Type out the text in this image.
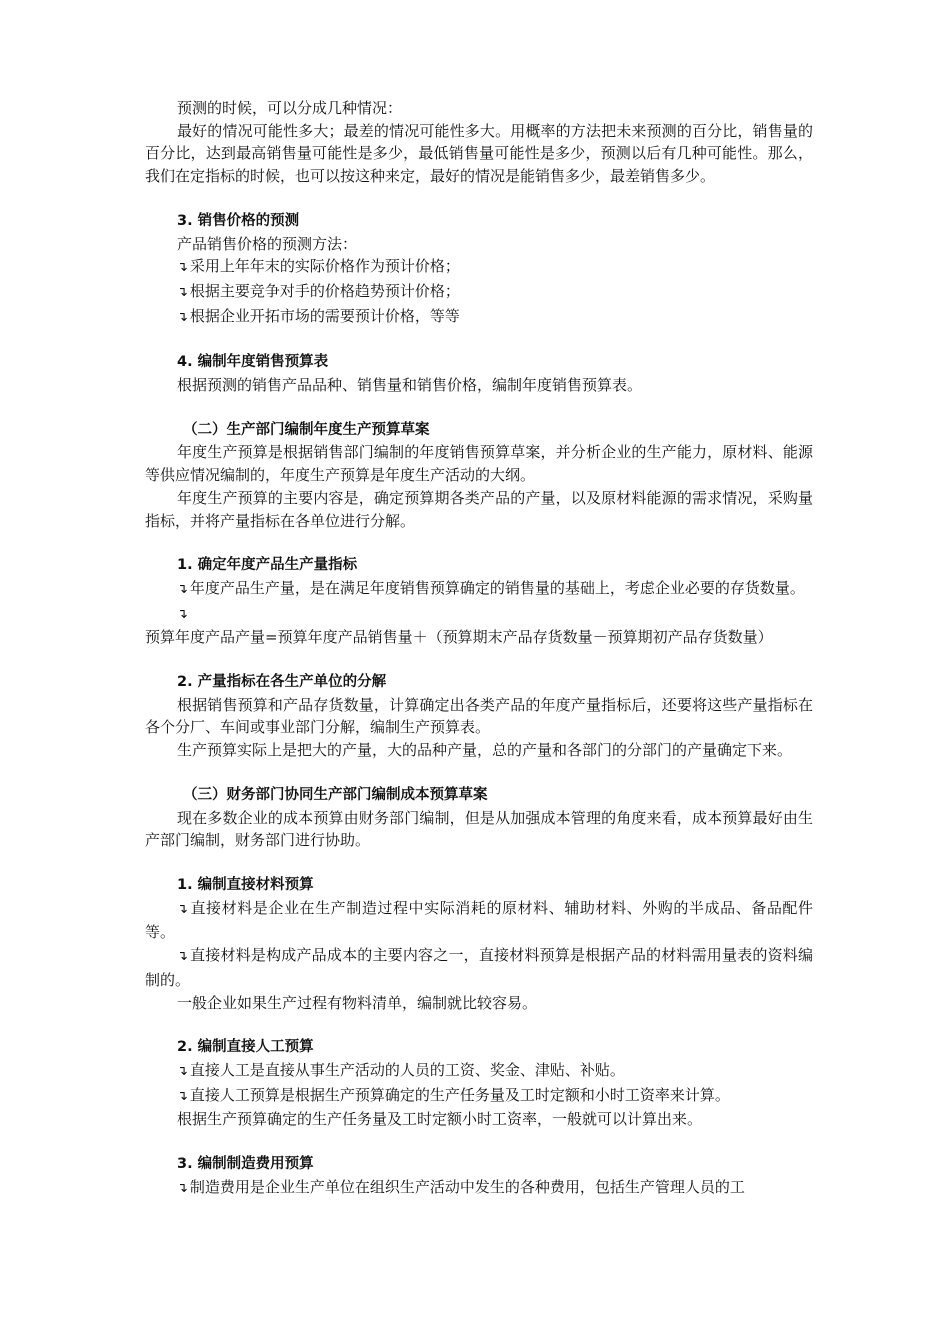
预测的时候，可以分成几种情况：

最好的情况可能性多大；最差的情况可能性多大。用概率的方法把未来预测的百分比，销售量的百分比，达到最高销售量可能性是多少，最低销售量可能性是多少，预测以后有几种可能性。那么，我们在定指标的时候，也可以按这种来定，最好的情况是能销售多少，最差销售多少。

3. 销售价格的预测

产品销售价格的预测方法：

↴ 采用上年年末的实际价格作为预计价格；

↴ 根据主要竞争对手的价格趋势预计价格；

↴ 根据企业开拓市场的需要预计价格，等等

4. 编制年度销售预算表

根据预测的销售产品品种、销售量和销售价格，编制年度销售预算表。

（二）生产部门编制年度生产预算草案

年度生产预算是根据销售部门编制的年度销售预算草案，并分析企业的生产能力，原材料、能源等供应情况编制的，年度生产预算是年度生产活动的大纲。

年度生产预算的主要内容是，确定预算期各类产品的产量，以及原材料能源的需求情况，采购量指标，并将产量指标在各单位进行分解。

1. 确定年度产品生产量指标

↴ 年度产品生产量，是在满足年度销售预算确定的销售量的基础上，考虑企业必要的存货数量。

↴预算年度产品产量=预算年度产品销售量＋（预算期末产品存货数量－预算期初产品存货数量）

2. 产量指标在各生产单位的分解

根据销售预算和产品存货数量，计算确定出各类产品的年度产量指标后，还要将这些产量指标在各个分厂、车间或事业部门分解，编制生产预算表。

生产预算实际上是把大的产量，大的品种产量，总的产量和各部门的分部门的产量确定下来。

（三）财务部门协同生产部门编制成本预算草案

现在多数企业的成本预算由财务部门编制，但是从加强成本管理的角度来看，成本预算最好由生产部门编制，财务部门进行协助。

1. 编制直接材料预算

↴ 直接材料是企业在生产制造过程中实际消耗的原材料、辅助材料、外购的半成品、备品配件等。

↴ 直接材料是构成产品成本的主要内容之一，直接材料预算是根据产品的材料需用量表的资料编制的。

一般企业如果生产过程有物料清单，编制就比较容易。

2. 编制直接人工预算

↴ 直接人工是直接从事生产活动的人员的工资、奖金、津贴、补贴。

↴ 直接人工预算是根据生产预算确定的生产任务量及工时定额和小时工资率来计算。

根据生产预算确定的生产任务量及工时定额小时工资率，一般就可以计算出来。

3. 编制制造费用预算

↴ 制造费用是企业生产单位在组织生产活动中发生的各种费用，包括生产管理人员的工
